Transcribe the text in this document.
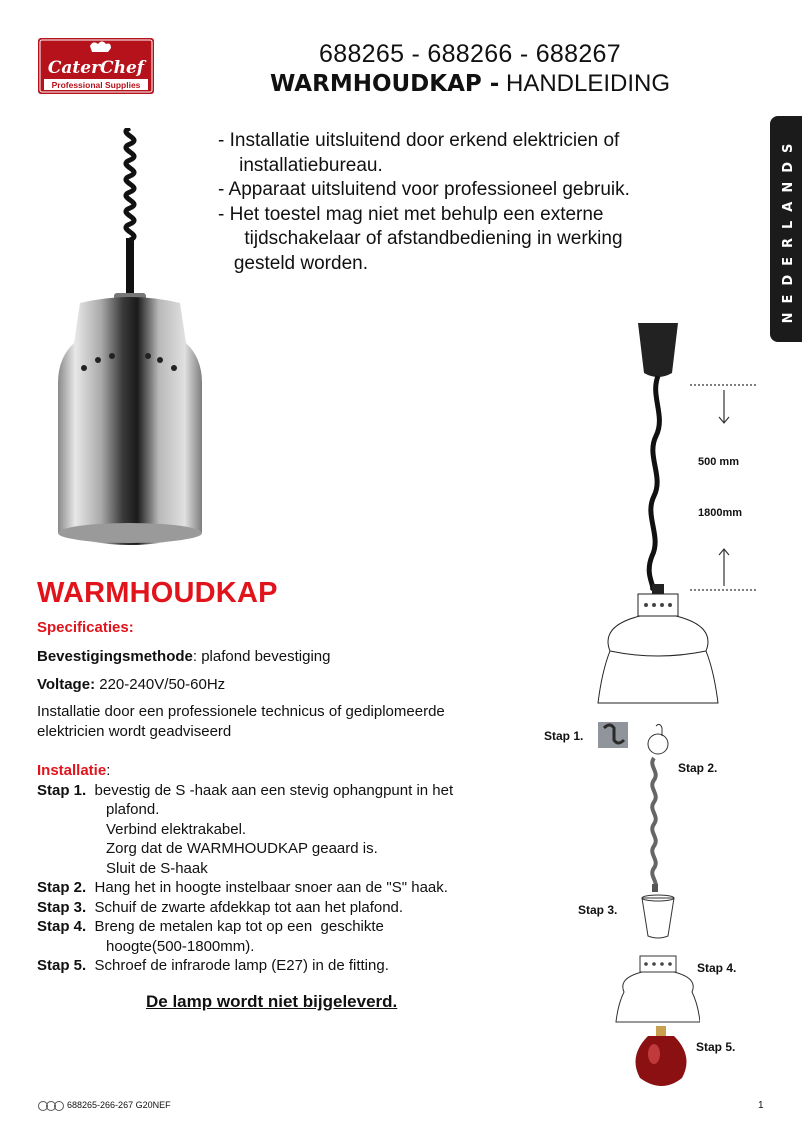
CaterChef
Professional Supplies
688265 - 688266 - 688267
WARMHOUDKAP - HANDLEIDING
NEDERLANDS
- Installatie uitsluitend door erkend elektricien of
installatiebureau.
- Apparaat uitsluitend voor professioneel gebruik.
- Het toestel mag niet met behulp een externe
tijdschakelaar of afstandbediening in werking
gesteld worden.
500 mm
1800mm
WARMHOUDKAP
Specificaties:
Bevestigingsmethode: plafond bevestiging
Voltage: 220-240V/50-60Hz
Installatie door een professionele technicus of gediplomeerde
elektricien wordt geadviseerd
Installatie:
Stap 1. bevestig de S -haak aan een stevig ophangpunt in het
plafond.
Verbind elektrakabel.
Zorg dat de WARMHOUDKAP geaard is.
Sluit de S-haak
Stap 2. Hang het in hoogte instelbaar snoer aan de "S" haak.
Stap 3. Schuif de zwarte afdekkap tot aan het plafond.
Stap 4. Breng de metalen kap tot op een  geschikte
hoogte(500-1800mm).
Stap 5. Schroef de infrarode lamp (E27) in de fitting.
De lamp wordt niet bijgeleverd.
Stap 1.
Stap 2.
Stap 3.
Stap 4.
Stap 5.
688265-266-267 G20NEF	1
